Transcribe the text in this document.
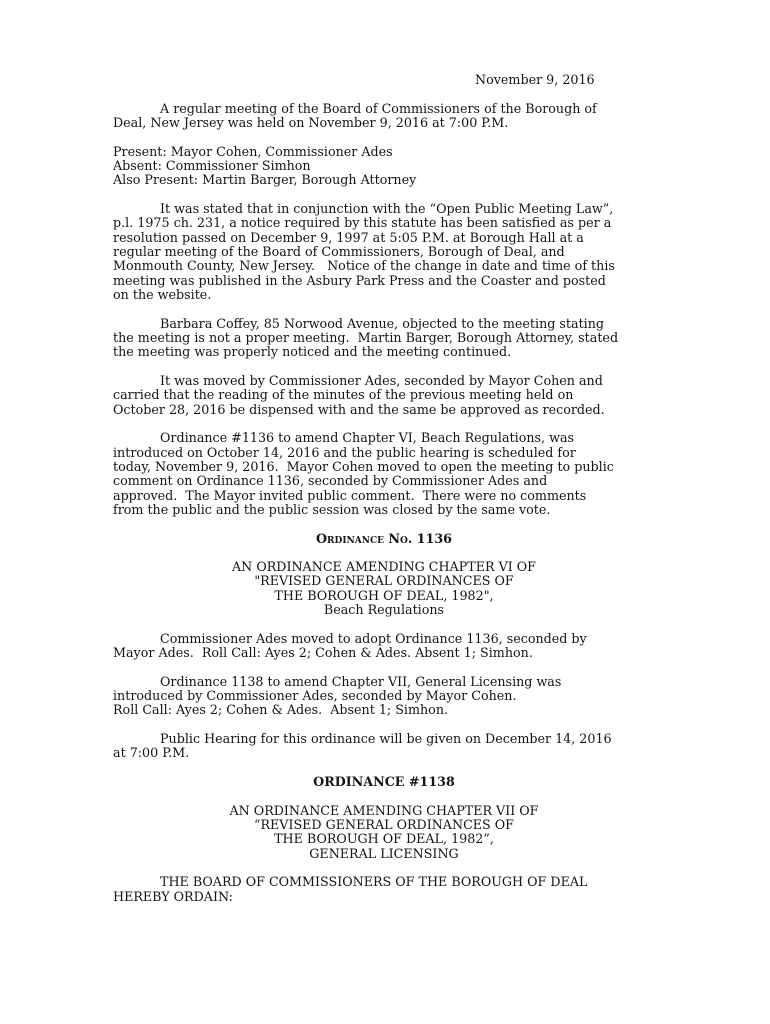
November 9, 2016
A regular meeting of the Board of Commissioners of the Borough of
Deal, New Jersey was held on November 9, 2016 at 7:00 P.M.
Present: Mayor Cohen, Commissioner Ades
Absent: Commissioner Simhon
Also Present: Martin Barger, Borough Attorney
It was stated that in conjunction with the “Open Public Meeting Law”,
p.l. 1975 ch. 231, a notice required by this statute has been satisfied as per a
resolution passed on December 9, 1997 at 5:05 P.M. at Borough Hall at a
regular meeting of the Board of Commissioners, Borough of Deal, and
Monmouth County, New Jersey.   Notice of the change in date and time of this
meeting was published in the Asbury Park Press and the Coaster and posted
on the website.
Barbara Coffey, 85 Norwood Avenue, objected to the meeting stating
the meeting is not a proper meeting.  Martin Barger, Borough Attorney, stated
the meeting was properly noticed and the meeting continued.
It was moved by Commissioner Ades, seconded by Mayor Cohen and
carried that the reading of the minutes of the previous meeting held on
October 28, 2016 be dispensed with and the same be approved as recorded.
Ordinance #1136 to amend Chapter VI, Beach Regulations, was
introduced on October 14, 2016 and the public hearing is scheduled for
today, November 9, 2016.  Mayor Cohen moved to open the meeting to public
comment on Ordinance 1136, seconded by Commissioner Ades and
approved.  The Mayor invited public comment.  There were no comments
from the public and the public session was closed by the same vote.
Ordinance No. 1136
AN ORDINANCE AMENDING CHAPTER VI OF
"REVISED GENERAL ORDINANCES OF
THE BOROUGH OF DEAL, 1982",
Beach Regulations
Commissioner Ades moved to adopt Ordinance 1136, seconded by
Mayor Ades.  Roll Call: Ayes 2; Cohen & Ades. Absent 1; Simhon.
Ordinance 1138 to amend Chapter VII, General Licensing was
introduced by Commissioner Ades, seconded by Mayor Cohen.
Roll Call: Ayes 2; Cohen & Ades.  Absent 1; Simhon.
Public Hearing for this ordinance will be given on December 14, 2016
at 7:00 P.M.
ORDINANCE #1138
AN ORDINANCE AMENDING CHAPTER VII OF
“REVISED GENERAL ORDINANCES OF
THE BOROUGH OF DEAL, 1982”,
GENERAL LICENSING
THE BOARD OF COMMISSIONERS OF THE BOROUGH OF DEAL
HEREBY ORDAIN:
